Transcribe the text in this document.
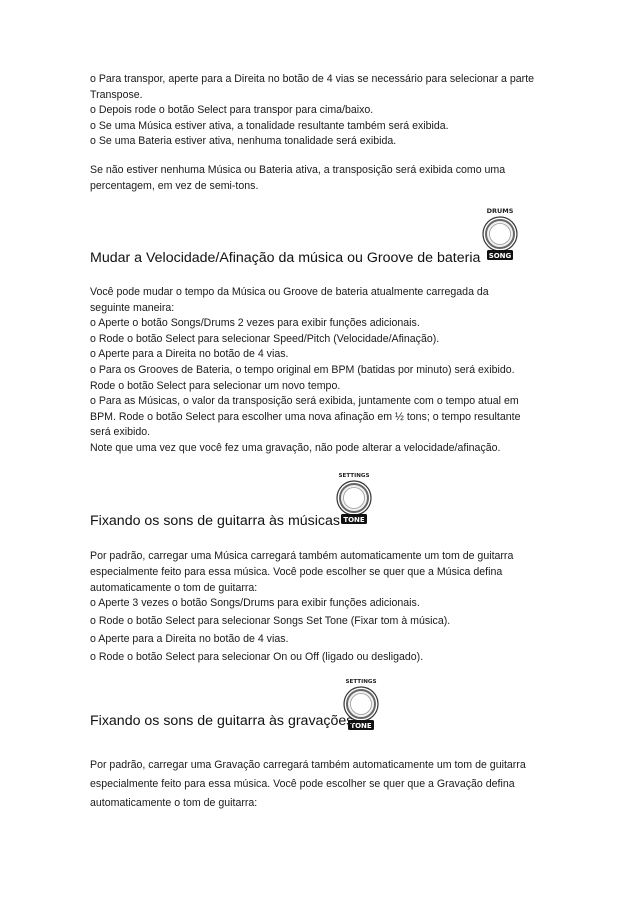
o Para transpor, aperte para a Direita no botão de 4 vias se necessário para selecionar a parte
Transpose.
o Depois rode o botão Select para transpor para cima/baixo.
o Se uma Música estiver ativa, a tonalidade resultante também será exibida.
o Se uma Bateria estiver ativa, nenhuma tonalidade será exibida.
Se não estiver nenhuma Música ou Bateria ativa, a transposição será exibida como uma
percentagem, em vez de semi-tons.
DRUMS
SONG
Mudar a Velocidade/Afinação da música ou Groove de bateria
Você pode mudar o tempo da Música ou Groove de bateria atualmente carregada da
seguinte maneira:
o Aperte o botão Songs/Drums 2 vezes para exibir funções adicionais.
o Rode o botão Select para selecionar Speed/Pitch (Velocidade/Afinação).
o Aperte para a Direita no botão de 4 vias.
o Para os Grooves de Bateria, o tempo original em BPM (batidas por minuto) será exibido.
Rode o botão Select para selecionar um novo tempo.
o Para as Músicas, o valor da transposição será exibida, juntamente com o tempo atual em
BPM. Rode o botão Select para escolher uma nova afinação em ½ tons; o tempo resultante
será exibido.
Note que uma vez que você fez uma gravação, não pode alterar a velocidade/afinação.
SETTINGS
TONE
Fixando os sons de guitarra às músicas
Por padrão, carregar uma Música carregará também automaticamente um tom de guitarra
especialmente feito para essa música. Você pode escolher se quer que a Música defina
automaticamente o tom de guitarra:
o Aperte 3 vezes o botão Songs/Drums para exibir funções adicionais.
o Rode o botão Select para selecionar Songs Set Tone (Fixar tom à música).
o Aperte para a Direita no botão de 4 vias.
o Rode o botão Select para selecionar On ou Off (ligado ou desligado).
SETTINGS
TONE
Fixando os sons de guitarra às gravações
Por padrão, carregar uma Gravação carregará também automaticamente um tom de guitarra
especialmente feito para essa música. Você pode escolher se quer que a Gravação defina
automaticamente o tom de guitarra:
